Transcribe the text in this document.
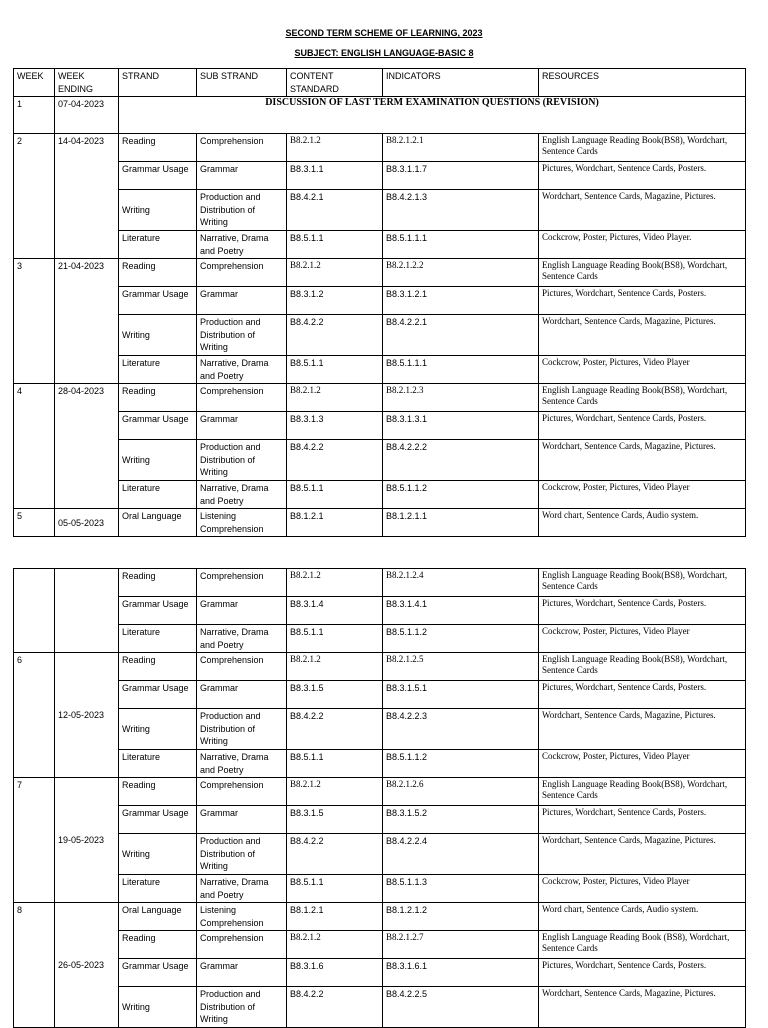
SECOND TERM SCHEME OF LEARNING, 2023
SUBJECT: ENGLISH LANGUAGE-BASIC 8
WEEK	WEEK ENDING	STRAND	SUB STRAND	CONTENT STANDARD	INDICATORS	RESOURCES
1	07-04-2023	DISCUSSION OF LAST TERM EXAMINATION QUESTIONS (REVISION)				
2	14-04-2023	Reading	Comprehension	B8.2.1.2	B8.2.1.2.1	English Language Reading Book(BS8), Wordchart, Sentence Cards
		Grammar Usage	Grammar	B8.3.1.1	B8.3.1.1.7	Pictures, Wordchart, Sentence Cards, Posters.
		Writing	Production and Distribution of Writing	B8.4.2.1	B8.4.2.1.3	Wordchart, Sentence Cards, Magazine, Pictures.
		Literature	Narrative, Drama and Poetry	B8.5.1.1	B8.5.1.1.1	Cockcrow, Poster, Pictures, Video Player.
3	21-04-2023	Reading	Comprehension	B8.2.1.2	B8.2.1.2.2	English Language Reading Book(BS8), Wordchart, Sentence Cards
		Grammar Usage	Grammar	B8.3.1.2	B8.3.1.2.1	Pictures, Wordchart, Sentence Cards, Posters.
		Writing	Production and Distribution of Writing	B8.4.2.2	B8.4.2.2.1	Wordchart, Sentence Cards, Magazine, Pictures.
		Literature	Narrative, Drama and Poetry	B8.5.1.1	B8.5.1.1.1	Cockcrow, Poster, Pictures, Video Player
4	28-04-2023	Reading	Comprehension	B8.2.1.2	B8.2.1.2.3	English Language Reading Book(BS8), Wordchart, Sentence Cards
		Grammar Usage	Grammar	B8.3.1.3	B8.3.1.3.1	Pictures, Wordchart, Sentence Cards, Posters.
		Writing	Production and Distribution of Writing	B8.4.2.2	B8.4.2.2.2	Wordchart, Sentence Cards, Magazine, Pictures.
		Literature	Narrative, Drama and Poetry	B8.5.1.1	B8.5.1.1.2	Cockcrow, Poster, Pictures, Video Player
5	05-05-2023	Oral Language	Listening Comprehension	B8.1.2.1	B8.1.2.1.1	Word chart, Sentence Cards, Audio system.
		Reading	Comprehension	B8.2.1.2	B8.2.1.2.4	English Language Reading Book(BS8), Wordchart, Sentence Cards
		Grammar Usage	Grammar	B8.3.1.4	B8.3.1.4.1	Pictures, Wordchart, Sentence Cards, Posters.
		Literature	Narrative, Drama and Poetry	B8.5.1.1	B8.5.1.1.2	Cockcrow, Poster, Pictures, Video Player
6	12-05-2023	Reading	Comprehension	B8.2.1.2	B8.2.1.2.5	English Language Reading Book(BS8), Wordchart, Sentence Cards
		Grammar Usage	Grammar	B8.3.1.5	B8.3.1.5.1	Pictures, Wordchart, Sentence Cards, Posters.
		Writing	Production and Distribution of Writing	B8.4.2.2	B8.4.2.2.3	Wordchart, Sentence Cards, Magazine, Pictures.
		Literature	Narrative, Drama and Poetry	B8.5.1.1	B8.5.1.1.2	Cockcrow, Poster, Pictures, Video Player
7	19-05-2023	Reading	Comprehension	B8.2.1.2	B8.2.1.2.6	English Language Reading Book(BS8), Wordchart, Sentence Cards
		Grammar Usage	Grammar	B8.3.1.5	B8.3.1.5.2	Pictures, Wordchart, Sentence Cards, Posters.
		Writing	Production and Distribution of Writing	B8.4.2.2	B8.4.2.2.4	Wordchart, Sentence Cards, Magazine, Pictures.
		Literature	Narrative, Drama and Poetry	B8.5.1.1	B8.5.1.1.3	Cockcrow, Poster, Pictures, Video Player
8	26-05-2023	Oral Language	Listening Comprehension	B8.1.2.1	B8.1.2.1.2	Word chart, Sentence Cards, Audio system.
		Reading	Comprehension	B8.2.1.2	B8.2.1.2.7	English Language Reading Book (BS8), Wordchart, Sentence Cards
		Grammar Usage	Grammar	B8.3.1.6	B8.3.1.6.1	Pictures, Wordchart, Sentence Cards, Posters.
		Writing	Production and Distribution of Writing	B8.4.2.2	B8.4.2.2.5	Wordchart, Sentence Cards, Magazine, Pictures.
